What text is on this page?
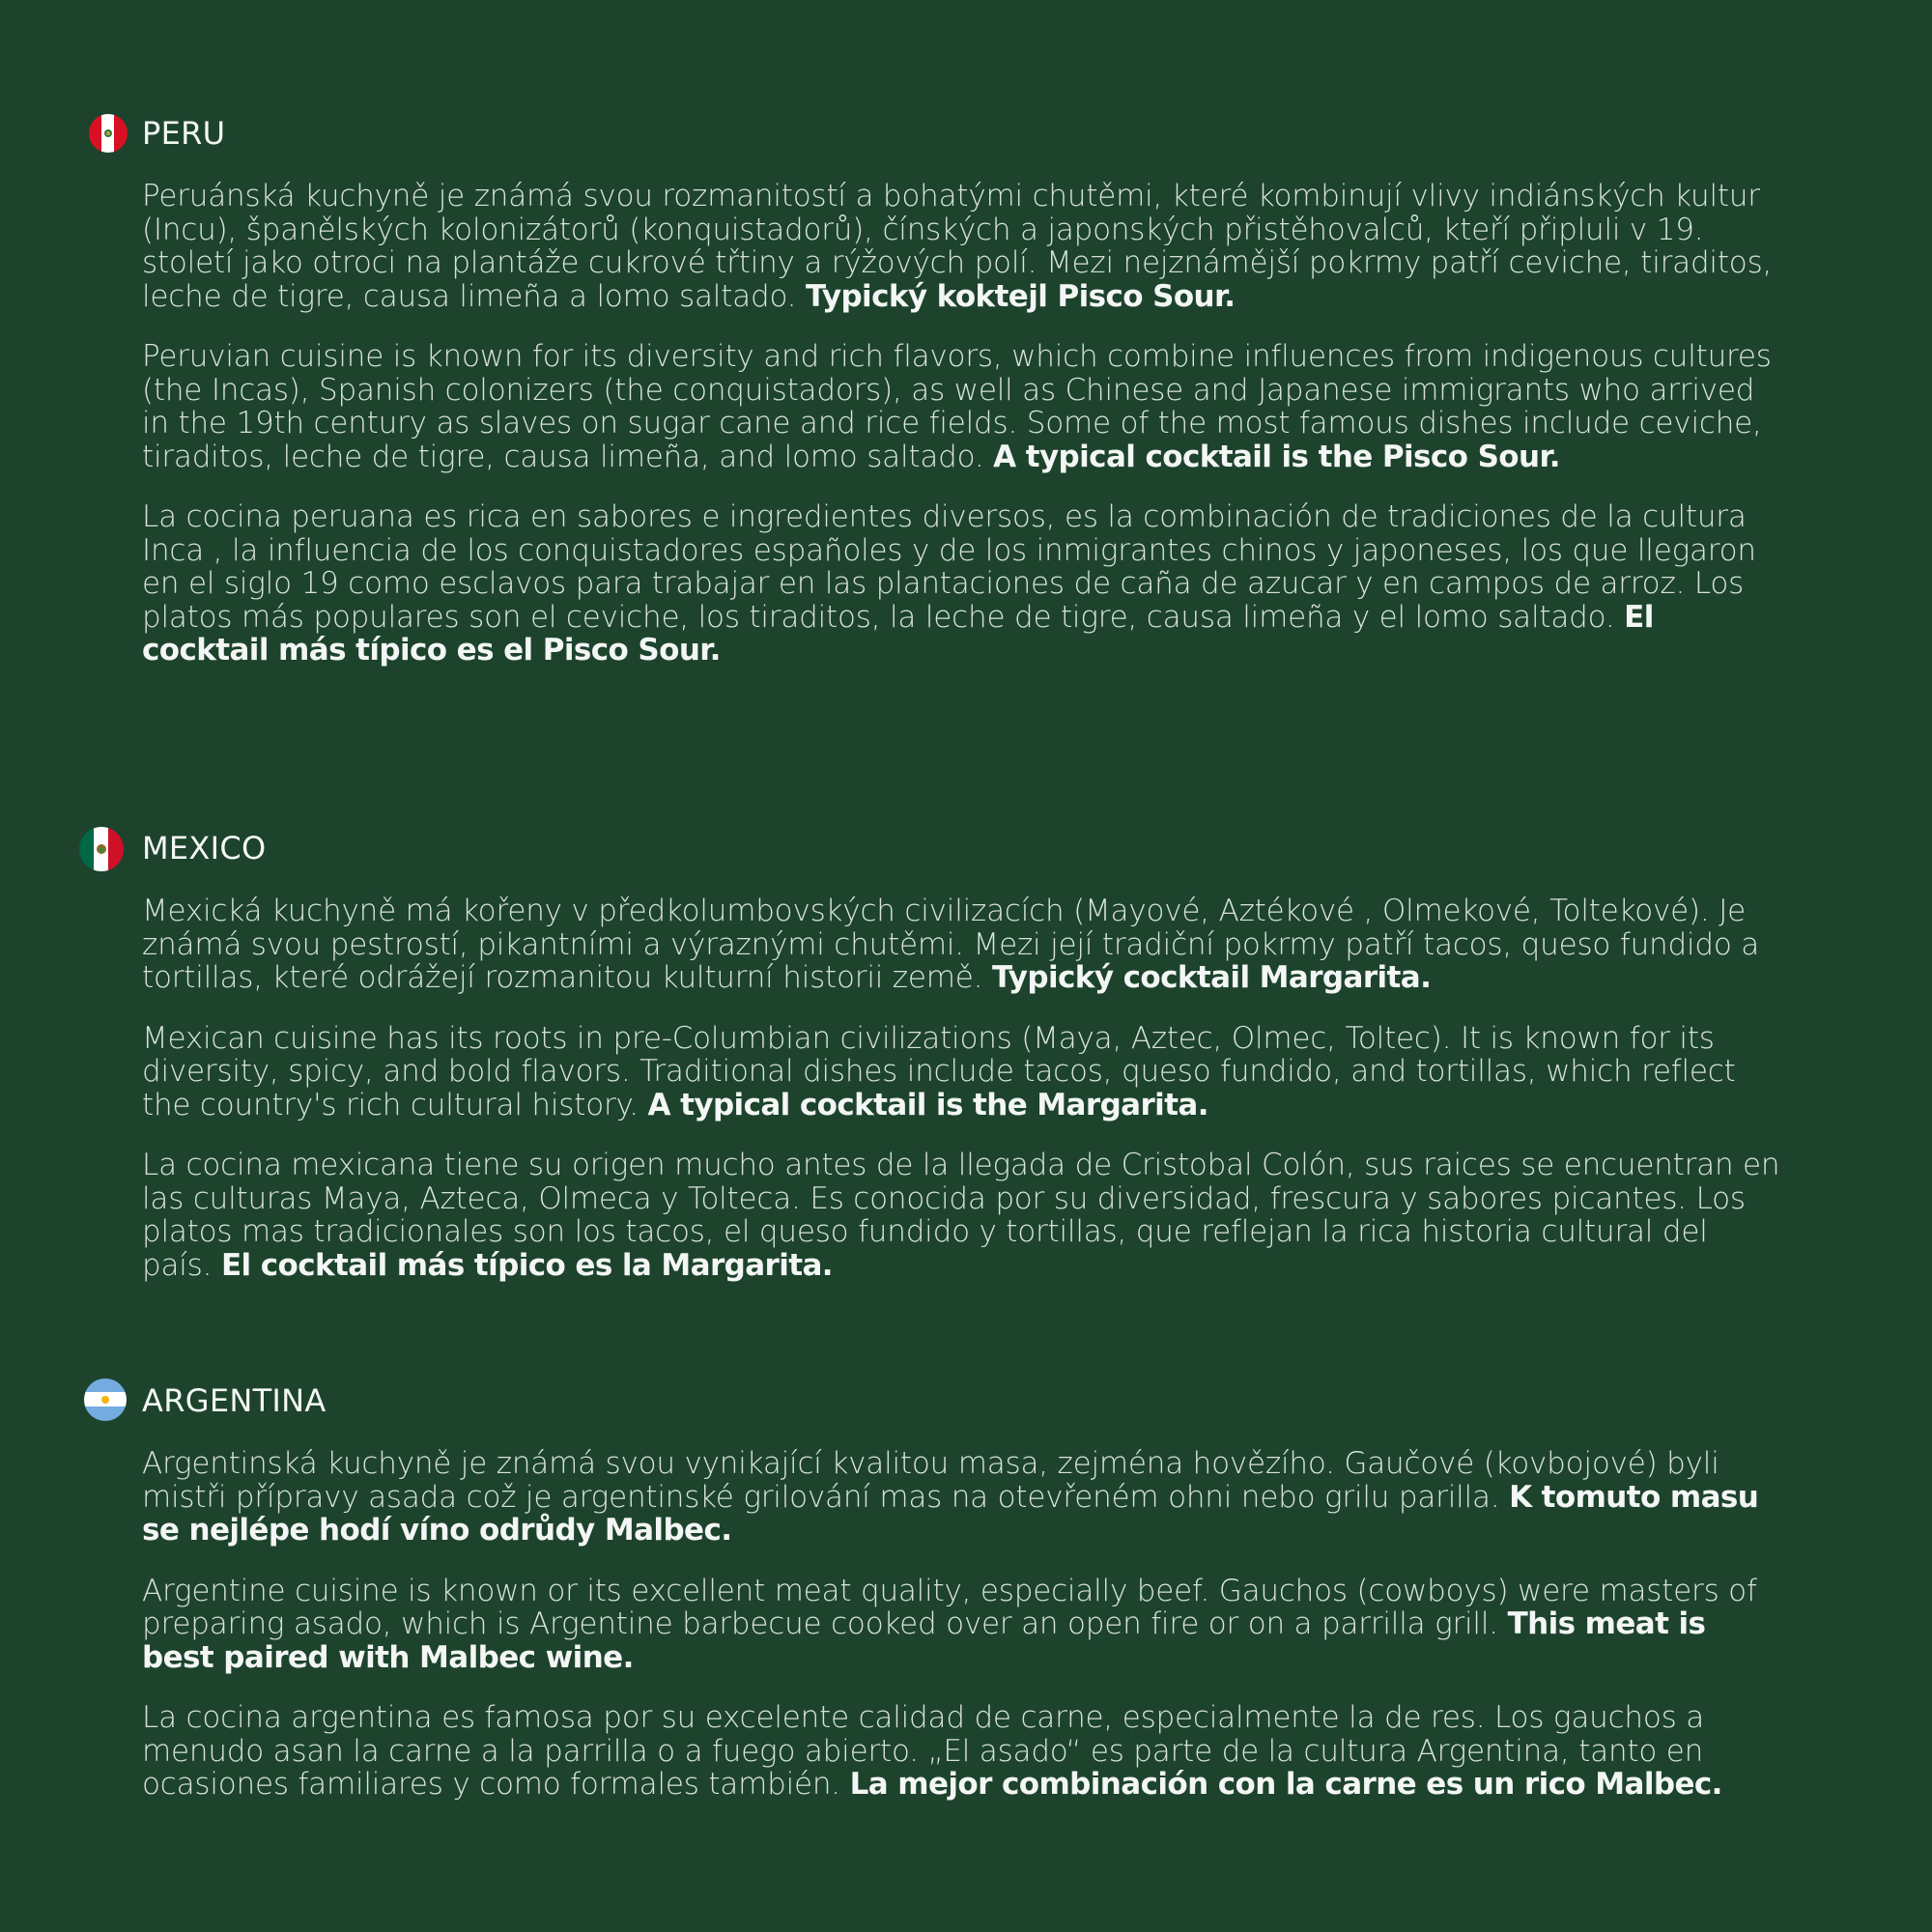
PERU

Peruánská kuchyně je známá svou rozmanitostí a bohatými chutěmi, které kombinují vlivy indiánských kultur (Incu), španělských kolonizátorů (konquistadorů), čínských a japonských přistěhovalců, kteří připluli v 19. století jako otroci na plantáže cukrové třtiny a rýžových polí. Mezi nejznámější pokrmy patří ceviche, tiraditos, leche de tigre, causa limeña a lomo saltado. Typický koktejl Pisco Sour.

Peruvian cuisine is known for its diversity and rich flavors, which combine influences from indigenous cultures (the Incas), Spanish colonizers (the conquistadors), as well as Chinese and Japanese immigrants who arrived in the 19th century as slaves on sugar cane and rice fields. Some of the most famous dishes include ceviche, tiraditos, leche de tigre, causa limeña, and lomo saltado. A typical cocktail is the Pisco Sour.

La cocina peruana es rica en sabores e ingredientes diversos, es la combinación de tradiciones de la cultura Inca , la influencia de los conquistadores españoles y de los inmigrantes chinos y japoneses, los que llegaron en el siglo 19 como esclavos para trabajar en las plantaciones de caña de azucar y en campos de arroz. Los platos más populares son el ceviche, los tiraditos, la leche de tigre, causa limeña y el lomo saltado. El cocktail más típico es el Pisco Sour.

MEXICO

Mexická kuchyně má kořeny v předkolumbovských civilizacích (Mayové, Aztékové , Olmekové, Toltekové). Je známá svou pestrostí, pikantními a výraznými chutěmi. Mezi její tradiční pokrmy patří tacos, queso fundido a tortillas, které odrážejí rozmanitou kulturní historii země. Typický cocktail Margarita.

Mexican cuisine has its roots in pre-Columbian civilizations (Maya, Aztec, Olmec, Toltec). It is known for its diversity, spicy, and bold flavors. Traditional dishes include tacos, queso fundido, and tortillas, which reflect the country's rich cultural history. A typical cocktail is the Margarita.

La cocina mexicana tiene su origen mucho antes de la llegada de Cristobal Colón, sus raices se encuentran en las culturas Maya, Azteca, Olmeca y Tolteca. Es conocida por su diversidad, frescura y sabores picantes. Los platos mas tradicionales son los tacos, el queso fundido y tortillas, que reflejan la rica historia cultural del país. El cocktail más típico es la Margarita.

ARGENTINA

Argentinská kuchyně je známá svou vynikající kvalitou masa, zejména hovězího. Gaučové (kovbojové) byli mistři přípravy asada což je argentinské grilování mas na otevřeném ohni nebo grilu parilla. K tomuto masu se nejlépe hodí víno odrůdy Malbec.

Argentine cuisine is known or its excellent meat quality, especially beef. Gauchos (cowboys) were masters of preparing asado, which is Argentine barbecue cooked over an open fire or on a parrilla grill. This meat is best paired with Malbec wine.

La cocina argentina es famosa por su excelente calidad de carne, especialmente la de res. Los gauchos a menudo asan la carne a la parrilla o a fuego abierto. „El asado“ es parte de la cultura Argentina, tanto en ocasiones familiares y como formales también. La mejor combinación con la carne es un rico Malbec.
